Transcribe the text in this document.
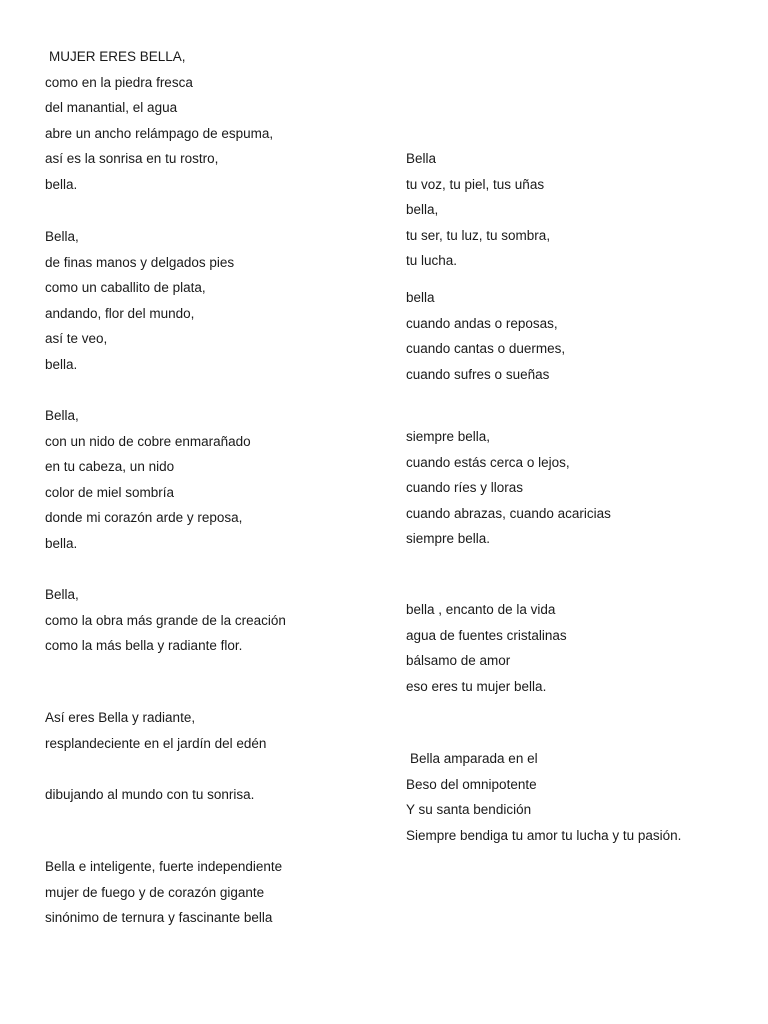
MUJER ERES BELLA,
como en la piedra fresca
del manantial, el agua
abre un ancho relámpago de espuma,
así es la sonrisa en tu rostro,
bella.
Bella,
de finas manos y delgados pies
como un caballito de plata,
andando, flor del mundo,
así te veo,
bella.
Bella,
con un nido de cobre enmarañado
en tu cabeza, un nido
color de miel sombría
donde mi corazón arde y reposa,
bella.
Bella,
como la obra más grande de la creación
como la más bella y radiante flor.
Así eres Bella y radiante,
resplandeciente en el jardín del edén
dibujando al mundo con tu sonrisa.
Bella e inteligente, fuerte independiente
mujer de fuego y de corazón gigante
sinónimo de ternura y fascinante bella
Bella
tu voz, tu piel, tus uñas
bella,
tu ser, tu luz, tu sombra,
tu lucha.
bella
cuando andas o reposas,
cuando cantas o duermes,
cuando sufres o sueñas
siempre bella,
cuando estás cerca o lejos,
cuando ríes y lloras
cuando abrazas, cuando acaricias
siempre bella.
bella , encanto de la vida
agua de fuentes cristalinas
bálsamo de amor
eso eres tu mujer bella.
Bella amparada en el
Beso del omnipotente
Y su santa bendición
Siempre bendiga tu amor tu lucha y tu pasión.
